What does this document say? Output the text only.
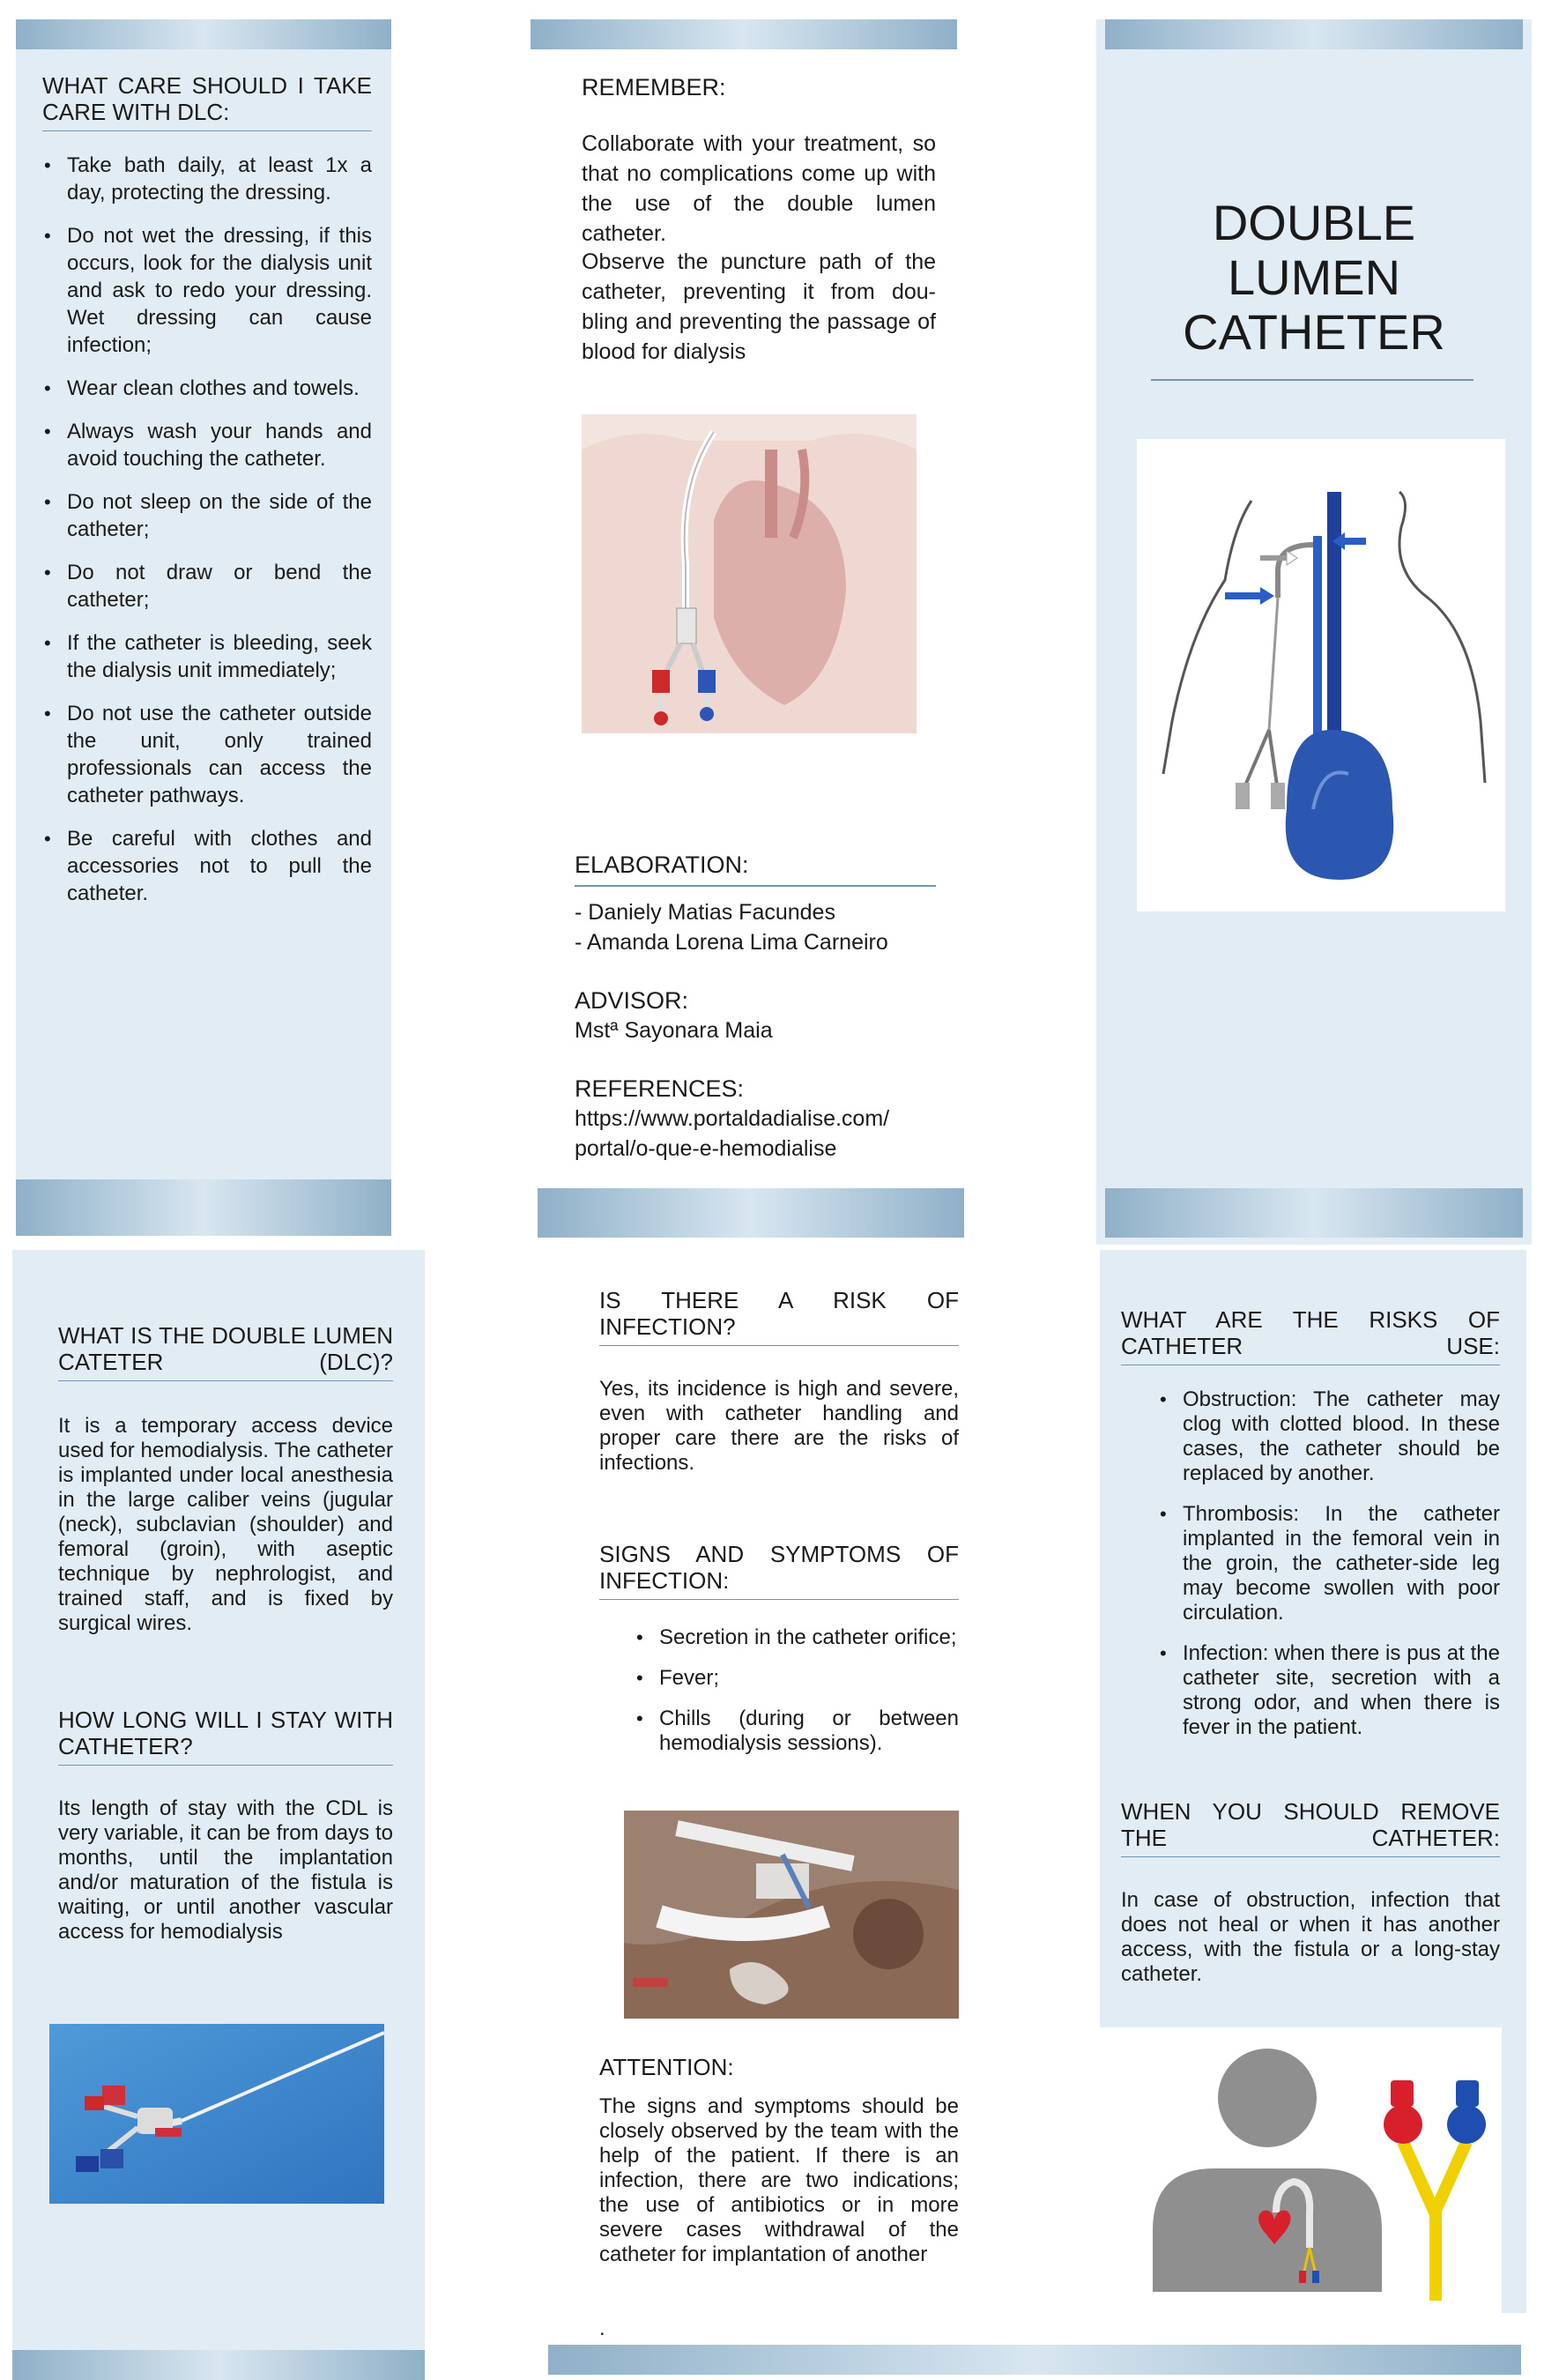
WHAT CARE SHOULD I TAKE CARE WITH DLC:
• Take bath daily, at least 1x a day, protecting the dressing.
• Do not wet the dressing, if this occurs, look for the dialysis unit and ask to redo your dressing. Wet dressing can cause infection;
• Wear clean clothes and towels.
• Always wash your hands and avoid touching the catheter.
• Do not sleep on the side of the catheter;
• Do not draw or bend the catheter;
• If the catheter is bleeding, seek the dialysis unit immediately;
• Do not use the catheter outside the unit, only trained professionals can access the catheter pathways.
• Be careful with clothes and accessories not to pull the catheter.
REMEMBER:
Collaborate with your treatment, so that no complications come up with the use of the double lumen catheter.
Observe the puncture path of the catheter, preventing it from dou-bling and preventing the passage of blood for dialysis
ELABORATION:
- Daniely Matias Facundes
- Amanda Lorena Lima Carneiro
ADVISOR:
Mstª Sayonara Maia
REFERENCES:
https://www.portaldadialise.com/
portal/o-que-e-hemodialise
DOUBLE
LUMEN
CATHETER
WHAT IS THE DOUBLE LUMEN CATETER (DLC)?
It is a temporary access device used for hemodialysis. The catheter is implanted under local anesthesia in the large caliber veins (jugular (neck), subclavian (shoulder) and femoral (groin), with aseptic technique by nephrologist, and trained staff, and is fixed by surgical wires.
HOW LONG WILL I STAY WITH CATHETER?
Its length of stay with the CDL is very variable, it can be from days to months, until the implantation and/or maturation of the fistula is waiting, or until another vascular access for hemodialysis
IS THERE A RISK OF INFECTION?
Yes, its incidence is high and severe, even with catheter handling and proper care there are the risks of infections.
SIGNS AND SYMPTOMS OF INFECTION:
• Secretion in the catheter orifice;
• Fever;
• Chills (during or between hemodialysis sessions).
ATTENTION:
The signs and symptoms should be closely observed by the team with the help of the patient. If there is an infection, there are two indications; the use of antibiotics or in more severe cases withdrawal of the catheter for implantation of another
.
WHAT ARE THE RISKS OF CATHETER USE:
• Obstruction: The catheter may clog with clotted blood. In these cases, the catheter should be replaced by another.
• Thrombosis: In the catheter implanted in the femoral vein in the groin, the catheter-side leg may become swollen with poor circulation.
• Infection: when there is pus at the catheter site, secretion with a strong odor, and when there is fever in the patient.
WHEN YOU SHOULD REMOVE THE CATHETER:
In case of obstruction, infection that does not heal or when it has another access, with the fistula or a long-stay catheter.
